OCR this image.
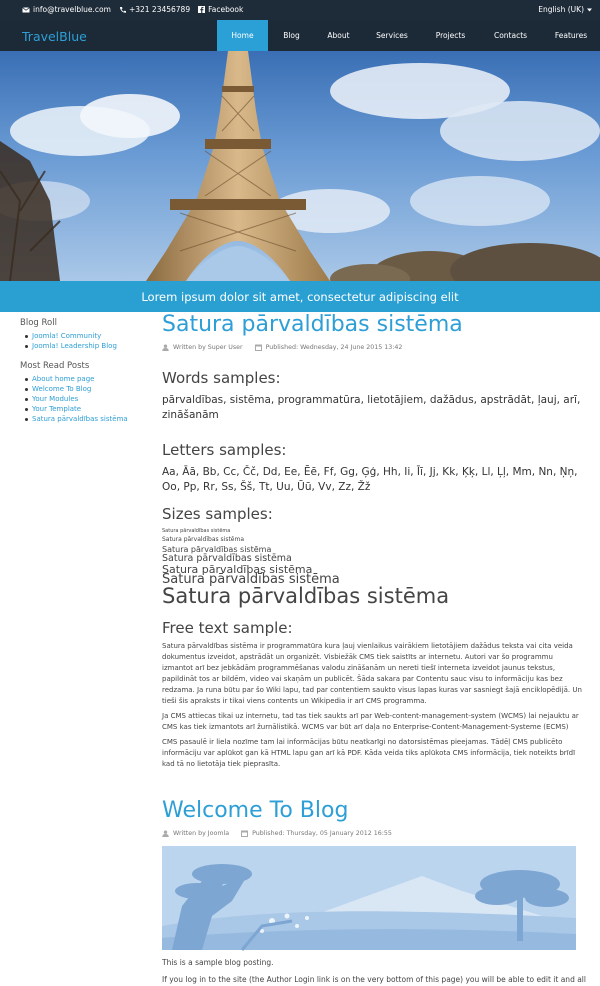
info@travelblue.com +321 23456789 Facebook	English (UK)
TravelBlue	Home	Blog	About	Services	Projects	Contacts	Features
Lorem ipsum dolor sit amet, consectetur adipiscing elit
Blog Roll
Joomla! Community
Joomla! Leadership Blog
Most Read Posts
About home page
Welcome To Blog
Your Modules
Your Template
Satura pārvaldības sistēma
Satura pārvaldības sistēma
Written by Super User	Published: Wednesday, 24 June 2015 13:42
Words samples:

pārvaldības, sistēma, programmatūra, lietotājiem, dažādus, apstrādāt, ļauj, arī, zināšanām

Letters samples:

Aa, Āā, Bb, Cc, Čč, Dd, Ee, Ēē, Ff, Gg, Ģģ, Hh, Ii, Īī, Jj, Kk, Ķķ, Ll, Ļļ, Mm, Nn, Ņņ, Oo, Pp, Rr, Ss, Šš, Tt, Uu, Ūū, Vv, Zz, Žž

Sizes samples:
Satura pārvaldības sistēma
Satura pārvaldības sistēma
Satura pārvaldības sistēma
Satura pārvaldības sistēma
Satura pārvaldības sistēma
Satura pārvaldības sistēma
Satura pārvaldības sistēma
Free text sample:

Satura pārvaldības sistēma ir programmatūra kura ļauj vienlaikus vairākiem lietotājiem dažādus teksta vai cita veida dokumentus izveidot, apstrādāt un organizēt. Visbiežāk CMS tiek saistīts ar internetu. Autori var šo programmu izmantot arī bez jebkādām programmēšanas valodu zināšanām un nereti tiešī interneta izveidot jaunus tekstus, papildināt tos ar bildēm, video vai skaņām un publicēt. Šāda sakara par Contentu sauc visu to informāciju kas bez redzama. Ja runa būtu par šo Wiki lapu, tad par contentiem saukto visus lapas kuras var sasniegt šajā enciklopēdijā. Un tieši šis apraksts ir tikai viens contents un Wikipedia ir arī CMS programma.

Ja CMS attiecas tikai uz internetu, tad tas tiek saukts arī par Web-content-management-system (WCMS) lai nejauktu ar CMS kas tiek izmantots arī žurnālistikā. WCMS var būt arī daļa no Enterprise-Content-Management-Systeme (ECMS)

CMS pasaulē ir liela nozīme tam lai informācijas būtu neatkarīgi no datorsistēmas pieejamas. Tādēļ CMS publicēto informāciju var aplūkot gan kā HTML lapu gan arī kā PDF. Kāda veida tiks aplūkota CMS informācija, tiek noteikts brīdī kad tā no lietotāja tiek pieprasīta.

Welcome To Blog
Written by Joomla	Published: Thursday, 05 January 2012 16:55

This is a sample blog posting.

If you log in to the site (the Author Login link is on the very bottom of this page) you will be able to edit it and all
